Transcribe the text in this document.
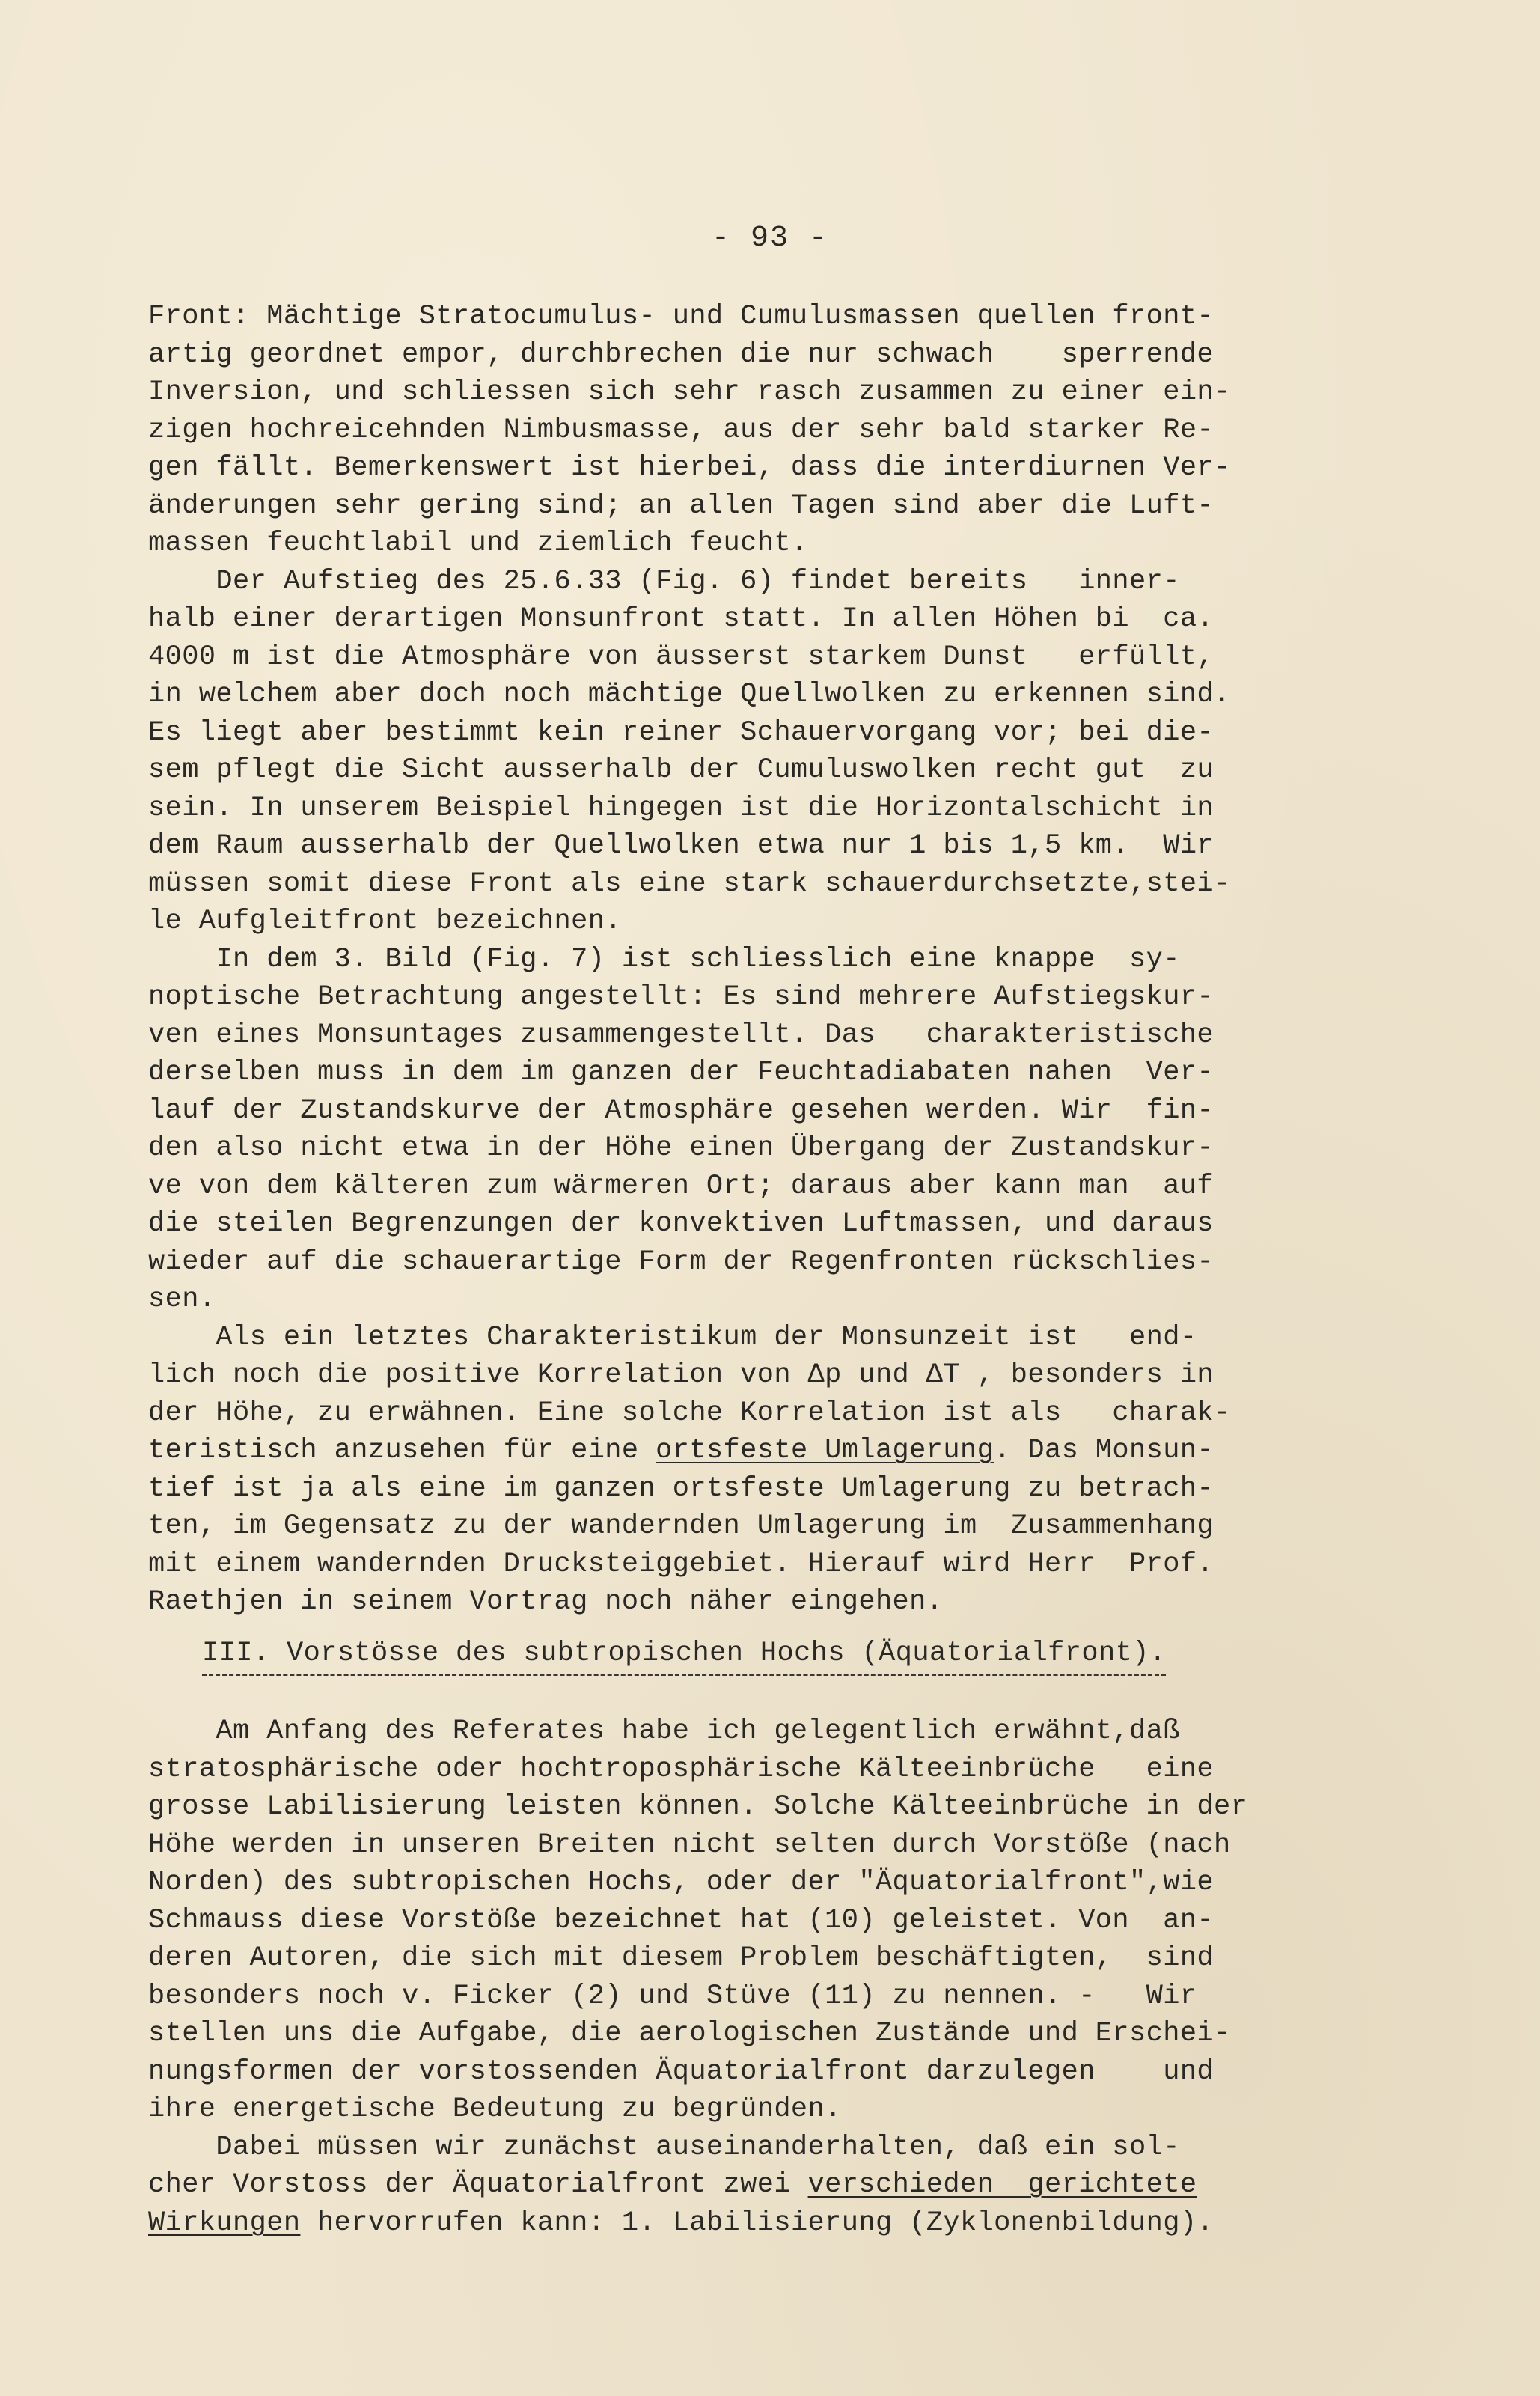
- 93 -
Front: Mächtige Stratocumulus- und Cumulusmassen quellen front-
artig geordnet empor, durchbrechen die nur schwach    sperrende
Inversion, und schliessen sich sehr rasch zusammen zu einer ein-
zigen hochreicehnden Nimbusmasse, aus der sehr bald starker Re-
gen fällt. Bemerkenswert ist hierbei, dass die interdiurnen Ver-
änderungen sehr gering sind; an allen Tagen sind aber die Luft-
massen feuchtlabil und ziemlich feucht.
Der Aufstieg des 25.6.33 (Fig. 6) findet bereits   inner-
halb einer derartigen Monsunfront statt. In allen Höhen bi  ca.
4000 m ist die Atmosphäre von äusserst starkem Dunst   erfüllt,
in welchem aber doch noch mächtige Quellwolken zu erkennen sind.
Es liegt aber bestimmt kein reiner Schauervorgang vor; bei die-
sem pflegt die Sicht ausserhalb der Cumuluswolken recht gut  zu
sein. In unserem Beispiel hingegen ist die Horizontalschicht in
dem Raum ausserhalb der Quellwolken etwa nur 1 bis 1,5 km.  Wir
müssen somit diese Front als eine stark schauerdurchsetzte,stei-
le Aufgleitfront bezeichnen.
In dem 3. Bild (Fig. 7) ist schliesslich eine knappe  sy-
noptische Betrachtung angestellt: Es sind mehrere Aufstiegskur-
ven eines Monsuntages zusammengestellt. Das   charakteristische
derselben muss in dem im ganzen der Feuchtadiabaten nahen  Ver-
lauf der Zustandskurve der Atmosphäre gesehen werden. Wir  fin-
den also nicht etwa in der Höhe einen Übergang der Zustandskur-
ve von dem kälteren zum wärmeren Ort; daraus aber kann man  auf
die steilen Begrenzungen der konvektiven Luftmassen, und daraus
wieder auf die schauerartige Form der Regenfronten rückschlies-
sen.
Als ein letztes Charakteristikum der Monsunzeit ist   end-
lich noch die positive Korrelation von Δp und ΔT , besonders in
der Höhe, zu erwähnen. Eine solche Korrelation ist als   charak-
teristisch anzusehen für eine ortsfeste Umlagerung. Das Monsun-
tief ist ja als eine im ganzen ortsfeste Umlagerung zu betrach-
ten, im Gegensatz zu der wandernden Umlagerung im  Zusammenhang
mit einem wandernden Drucksteiggebiet. Hierauf wird Herr  Prof.
Raethjen in seinem Vortrag noch näher eingehen.
III. Vorstösse des subtropischen Hochs (Äquatorialfront).
Am Anfang des Referates habe ich gelegentlich erwähnt,daß
stratosphärische oder hochtroposphärische Kälteeinbrüche   eine
grosse Labilisierung leisten können. Solche Kälteeinbrüche in der
Höhe werden in unseren Breiten nicht selten durch Vorstöße (nach
Norden) des subtropischen Hochs, oder der "Äquatorialfront",wie
Schmauss diese Vorstöße bezeichnet hat (10) geleistet. Von  an-
deren Autoren, die sich mit diesem Problem beschäftigten,  sind
besonders noch v. Ficker (2) und Stüve (11) zu nennen. -   Wir
stellen uns die Aufgabe, die aerologischen Zustände und Erschei-
nungsformen der vorstossenden Äquatorialfront darzulegen    und
ihre energetische Bedeutung zu begründen.
Dabei müssen wir zunächst auseinanderhalten, daß ein sol-
cher Vorstoss der Äquatorialfront zwei verschieden  gerichtete
Wirkungen hervorrufen kann: 1. Labilisierung (Zyklonenbildung).
